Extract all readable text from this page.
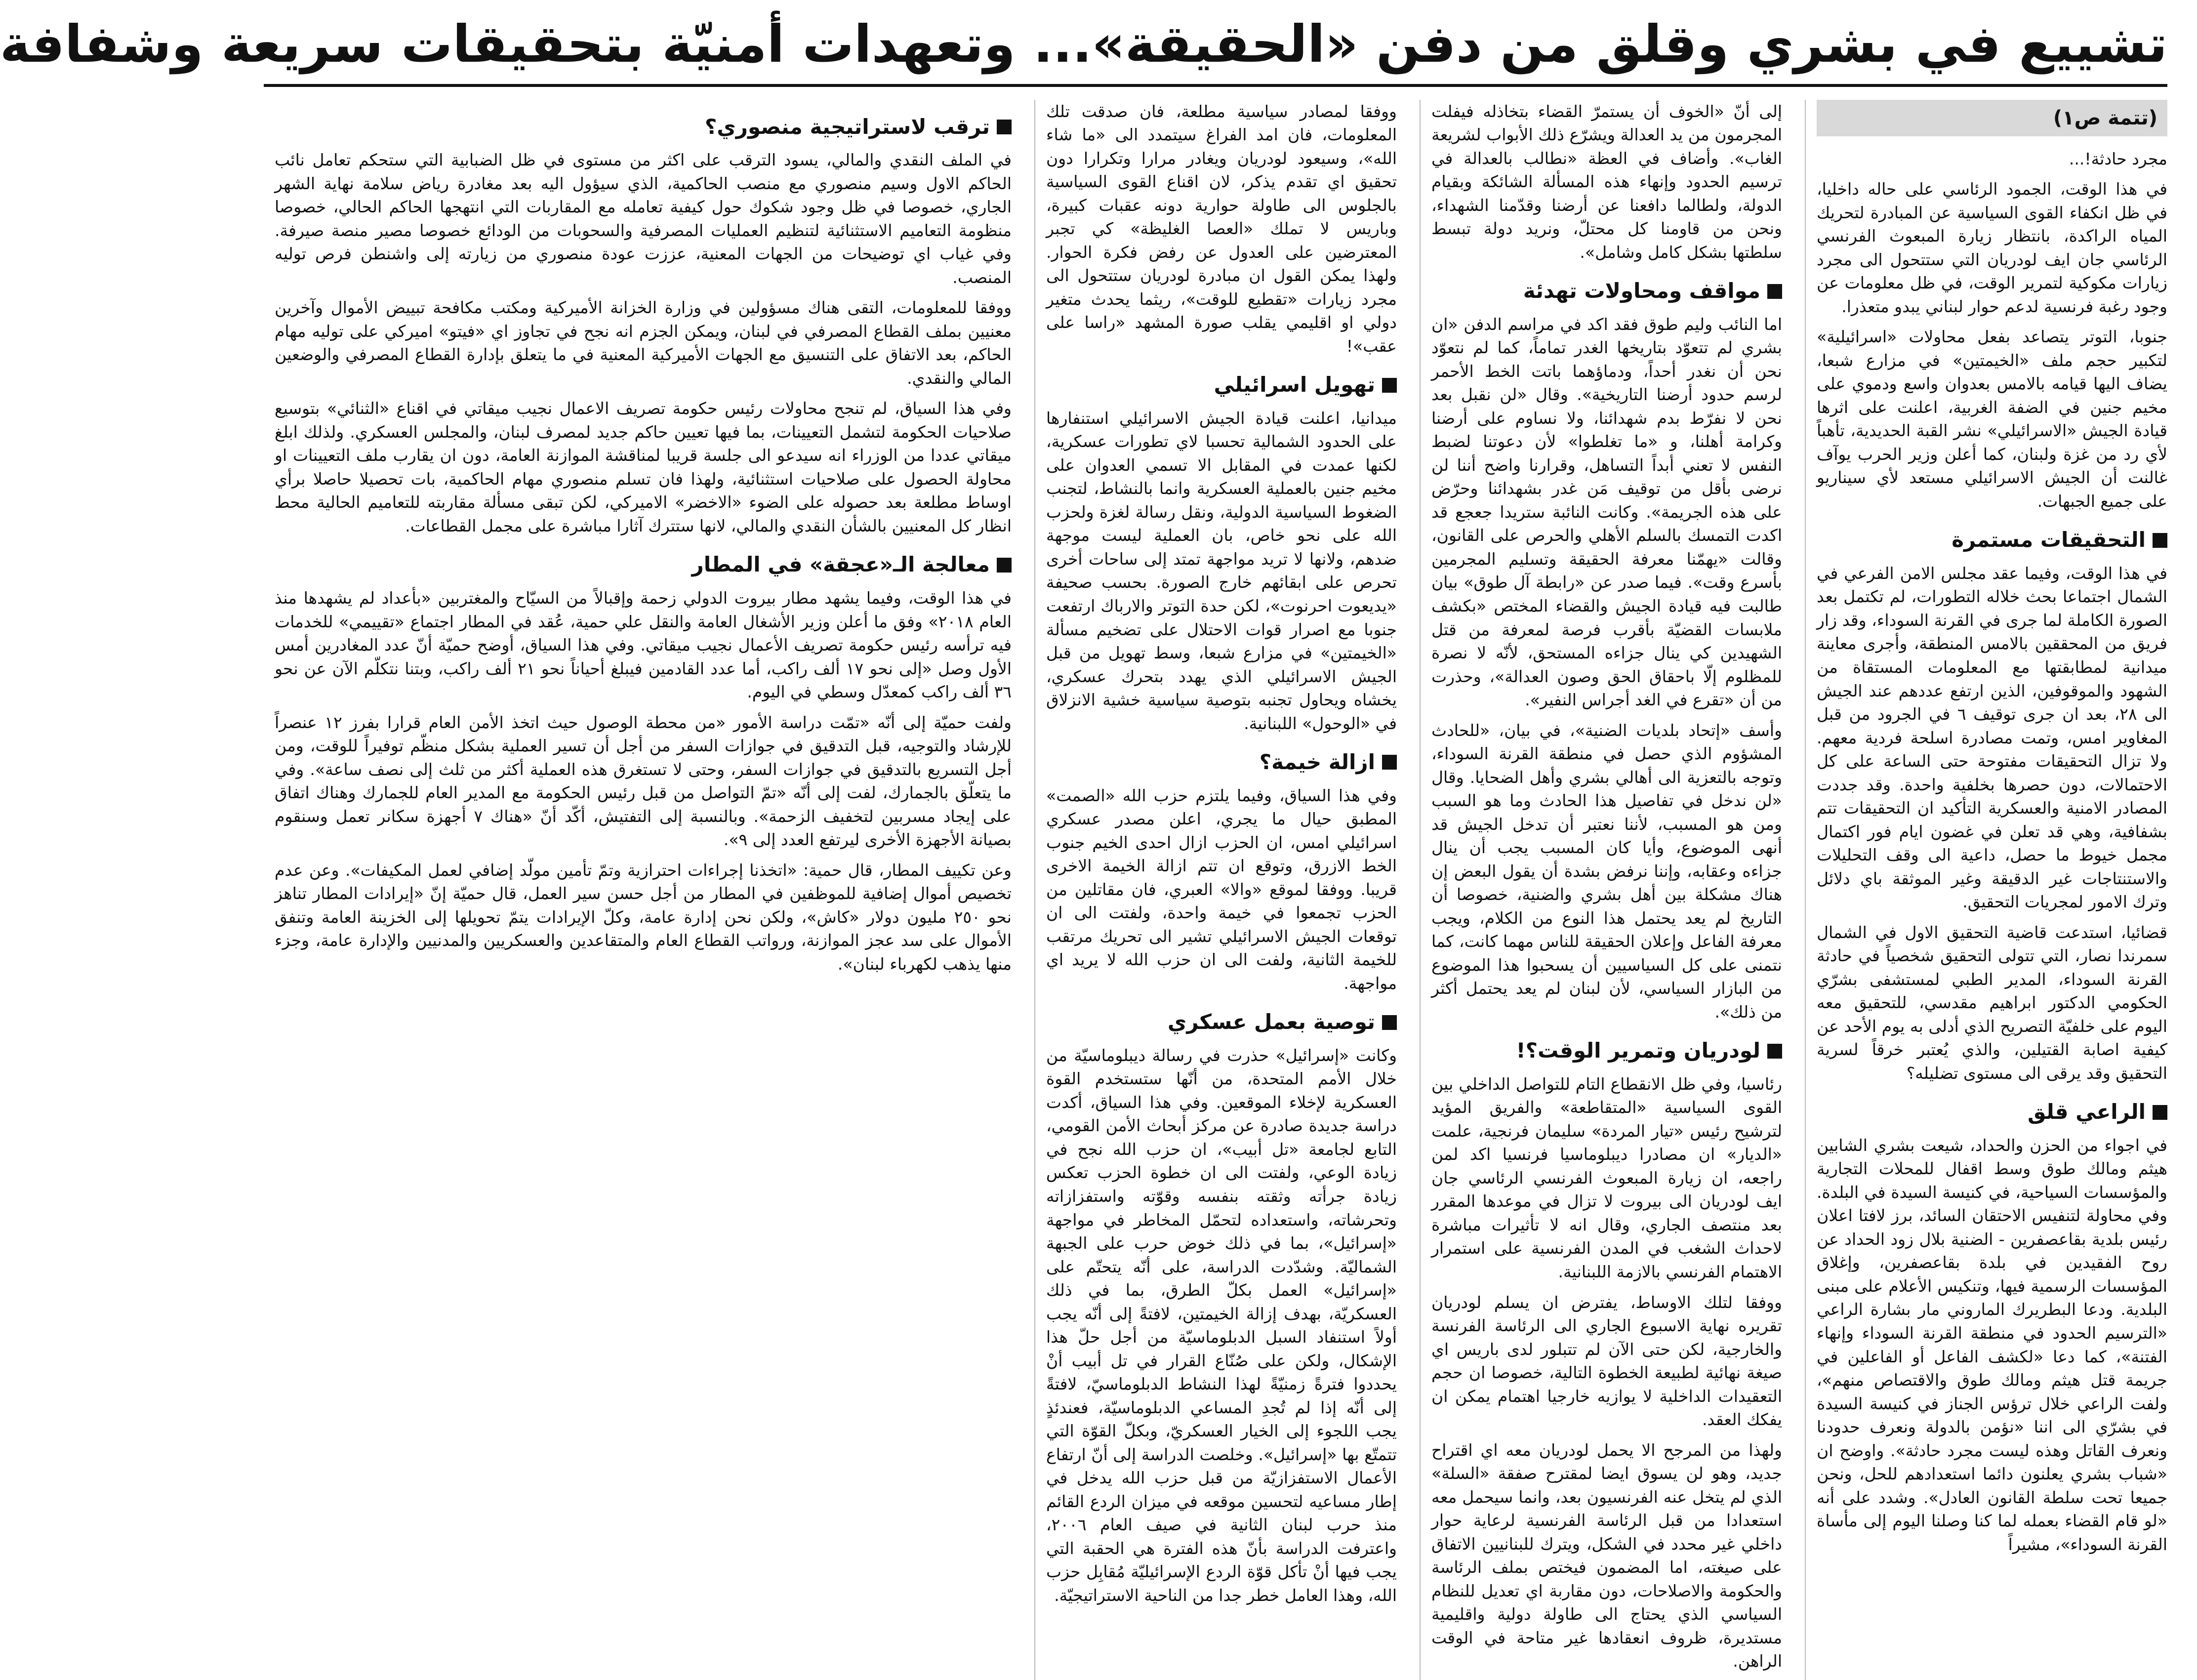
تشييع في بشري وقلق من دفن «الحقيقة»... وتعهدات أمنيّة بتحقيقات سريعة وشفافة
(تتمة ص١)

مجرد حادثة!...

في هذا الوقت، الجمود الرئاسي على حاله داخليا، في ظل انكفاء القوى السياسية عن المبادرة لتحريك المياه الراكدة، بانتظار زيارة المبعوث الفرنسي الرئاسي جان ايف لودريان التي ستتحول الى مجرد زيارات مكوكية لتمرير الوقت، في ظل معلومات عن وجود رغبة فرنسية لدعم حوار لبناني يبدو متعذرا.

جنوبا، التوتر يتصاعد بفعل محاولات «اسرائيلية» لتكبير حجم ملف «الخيمتين» في مزارع شبعا، يضاف اليها قيامه بالامس بعدوان واسع ودموي على مخيم جنين في الضفة الغربية، اعلنت على اثرها قيادة الجيش «الاسرائيلي» نشر القبة الحديدية، تأهباً لأي رد من غزة ولبنان، كما أعلن وزير الحرب يوآف غالنت أن الجيش الاسرائيلي مستعد لأي سيناريو على جميع الجبهات.

التحقيقات مستمرة

في هذا الوقت، وفيما عقد مجلس الامن الفرعي في الشمال اجتماعا بحث خلاله التطورات، لم تكتمل بعد الصورة الكاملة لما جرى في القرنة السوداء، وقد زار فريق من المحققين بالامس المنطقة، وأجرى معاينة ميدانية لمطابقتها مع المعلومات المستقاة من الشهود والموقوفين، الذين ارتفع عددهم عند الجيش الى ٢٨، بعد ان جرى توقيف ٦ في الجرود من قبل المغاوير امس، وتمت مصادرة اسلحة فردية معهم. ولا تزال التحقيقات مفتوحة حتى الساعة على كل الاحتمالات، دون حصرها بخلفية واحدة. وقد جددت المصادر الامنية والعسكرية التأكيد ان التحقيقات تتم بشفافية، وهي قد تعلن في غضون ايام فور اكتمال مجمل خيوط ما حصل، داعية الى وقف التحليلات والاستنتاجات غير الدقيقة وغير الموثقة باي دلائل وترك الامور لمجريات التحقيق.

قضائيا، استدعت قاضية التحقيق الاول في الشمال سمرندا نصار، التي تتولى التحقيق شخصياً في حادثة القرنة السوداء، المدير الطبي لمستشفى بشرّي الحكومي الدكتور ابراهيم مقدسي، للتحقيق معه اليوم على خلفيّة التصريح الذي أدلى به يوم الأحد عن كيفية اصابة القتيلين، والذي يُعتبر خرقاً لسرية التحقيق وقد يرقى الى مستوى تضليله؟

الراعي قلق

في اجواء من الحزن والحداد، شيعت بشري الشابين هيثم ومالك طوق وسط اقفال للمحلات التجارية والمؤسسات السياحية، في كنيسة السيدة في البلدة. وفي محاولة لتنفيس الاحتقان السائد، برز لافتا اعلان رئيس بلدية بقاعصفرين - الضنية بلال زود الحداد عن روح الفقيدين في بلدة بقاعصفرين، وإغلاق المؤسسات الرسمية فيها، وتنكيس الأعلام على مبنى البلدية. ودعا البطريرك الماروني مار بشارة الراعي «الترسيم الحدود في منطقة القرنة السوداء وإنهاء الفتنة»، كما دعا «لكشف الفاعل أو الفاعلين في جريمة قتل هيثم ومالك طوق والاقتصاص منهم»، ولفت الراعي خلال ترؤس الجناز في كنيسة السيدة في بشرّي الى اننا «نؤمن بالدولة ونعرف حدودنا ونعرف القاتل وهذه ليست مجرد حادثة». واوضح ان «شباب بشري يعلنون دائما استعدادهم للحل، ونحن جميعا تحت سلطة القانون العادل». وشدد على أنه «لو قام القضاء بعمله لما كنا وصلنا اليوم إلى مأساة القرنة السوداء»، مشيراً

إلى أنّ «الخوف أن يستمرّ القضاء بتخاذله فيفلت المجرمون من يد العدالة ويشرّع ذلك الأبواب لشريعة الغاب». وأضاف في العظة «نطالب بالعدالة في ترسيم الحدود وإنهاء هذه المسألة الشائكة وبقيام الدولة، ولطالما دافعنا عن أرضنا وقدّمنا الشهداء، ونحن من قاومنا كل محتلّ، ونريد دولة تبسط سلطتها بشكل كامل وشامل».

مواقف ومحاولات تهدئة

اما النائب وليم طوق فقد اكد في مراسم الدفن «ان بشري لم تتعوّد بتاريخها الغدر تماماً، كما لم نتعوّد نحن أن نغدر أحداً، ودماؤهما باتت الخط الأحمر لرسم حدود أرضنا التاريخية». وقال «لن نقبل بعد نحن لا نفرّط بدم شهدائنا، ولا نساوم على أرضنا وكرامة أهلنا، و «ما تغلطوا» لأن دعوتنا لضبط النفس لا تعني أبداً التساهل، وقرارنا واضح أننا لن نرضى بأقل من توقيف مَن غدر بشهدائنا وحرّض على هذه الجريمة». وكانت النائبة ستريدا جعجع قد اكدت التمسك بالسلم الأهلي والحرص على القانون، وقالت «يهمّنا معرفة الحقيقة وتسليم المجرمين بأسرع وقت». فيما صدر عن «رابطة آل طوق» بيان طالبت فيه قيادة الجيش والقضاء المختص «بكشف ملابسات القضيّة بأقرب فرصة لمعرفة من قتل الشهيدين كي ينال جزاءه المستحق، لأنّه لا نصرة للمظلوم إلّا باحقاق الحق وصون العدالة»، وحذرت من أن «تقرع في الغد أجراس النفير».

وأسف «إتحاد بلديات الضنية»، في بيان، «للحادث المشؤوم الذي حصل في منطقة القرنة السوداء، وتوجه بالتعزية الى أهالي بشري وأهل الضحايا. وقال «لن ندخل في تفاصيل هذا الحادث وما هو السبب ومن هو المسبب، لأننا نعتبر أن تدخل الجيش قد أنهى الموضوع، وأيا كان المسبب يجب أن ينال جزاءه وعقابه، وإننا نرفض بشدة أن يقول البعض إن هناك مشكلة بين أهل بشري والضنية، خصوصا أن التاريخ لم يعد يحتمل هذا النوع من الكلام، ويجب معرفة الفاعل وإعلان الحقيقة للناس مهما كانت، كما نتمنى على كل السياسيين أن يسحبوا هذا الموضوع من البازار السياسي، لأن لبنان لم يعد يحتمل أكثر من ذلك».

لودريان وتمرير الوقت؟!

رئاسيا، وفي ظل الانقطاع التام للتواصل الداخلي بين القوى السياسية «المتقاطعة» والفريق المؤيد لترشيح رئيس «تيار المردة» سليمان فرنجية، علمت «الديار» ان مصادرا ديبلوماسيا فرنسيا اكد لمن راجعه، ان زيارة المبعوث الفرنسي الرئاسي جان ايف لودريان الى بيروت لا تزال في موعدها المقرر بعد منتصف الجاري، وقال انه لا تأثيرات مباشرة لاحداث الشغب في المدن الفرنسية على استمرار الاهتمام الفرنسي بالازمة اللبنانية.

ووفقا لتلك الاوساط، يفترض ان يسلم لودريان تقريره نهاية الاسبوع الجاري الى الرئاسة الفرنسة والخارجية، لكن حتى الآن لم تتبلور لدى باريس اي صيغة نهائية لطبيعة الخطوة التالية، خصوصا ان حجم التعقيدات الداخلية لا يوازيه خارجيا اهتمام يمكن ان يفكك العقد.

ولهذا من المرجح الا يحمل لودريان معه اي اقتراح جديد، وهو لن يسوق ايضا لمقترح صفقة «السلة» الذي لم يتخل عنه الفرنسيون بعد، وانما سيحمل معه استعدادا من قبل الرئاسة الفرنسية لرعاية حوار داخلي غير محدد في الشكل، ويترك للبنانيين الاتفاق على صيغته، اما المضمون فيختص بملف الرئاسة والحكومة والاصلاحات، دون مقاربة اي تعديل للنظام السياسي الذي يحتاج الى طاولة دولية واقليمية مستديرة، ظروف انعقادها غير متاحة في الوقت الراهن.

ووفقا لمصادر سياسية مطلعة، فان صدقت تلك المعلومات، فان امد الفراغ سيتمدد الى «ما شاء الله»، وسيعود لودريان ويغادر مرارا وتكرارا دون تحقيق اي تقدم يذكر، لان اقناع القوى السياسية بالجلوس الى طاولة حوارية دونه عقبات كبيرة، وباريس لا تملك «العصا الغليظة» كي تجبر المعترضين على العدول عن رفض فكرة الحوار. ولهذا يمكن القول ان مبادرة لودريان ستتحول الى مجرد زيارات «تقطيع للوقت»، ريثما يحدث متغير دولي او اقليمي يقلب صورة المشهد «راسا على عقب»!

تهويل اسرائيلي

ميدانيا، اعلنت قيادة الجيش الاسرائيلي استنفارها على الحدود الشمالية تحسبا لاي تطورات عسكرية، لكنها عمدت في المقابل الا تسمي العدوان على مخيم جنين بالعملية العسكرية وانما بالنشاط، لتجنب الضغوط السياسية الدولية، ونقل رسالة لغزة ولحزب الله على نحو خاص، بان العملية ليست موجهة ضدهم، ولانها لا تريد مواجهة تمتد إلى ساحات أخرى تحرص على ابقائهم خارج الصورة. بحسب صحيفة «يديعوت احرنوت»، لكن حدة التوتر والارباك ارتفعت جنوبا مع اصرار قوات الاحتلال على تضخيم مسألة «الخيمتين» في مزارع شبعا، وسط تهويل من قبل الجيش الاسرائيلي الذي يهدد بتحرك عسكري، يخشاه ويحاول تجنبه بتوصية سياسية خشية الانزلاق في «الوحول» اللبنانية.

ازالة خيمة؟

وفي هذا السياق، وفيما يلتزم حزب الله «الصمت» المطبق حيال ما يجري، اعلن مصدر عسكري اسرائيلي امس، ان الحزب ازال احدى الخيم جنوب الخط الازرق، وتوقع ان تتم ازالة الخيمة الاخرى قريبا. ووفقا لموقع «والا» العبري، فان مقاتلين من الحزب تجمعوا في خيمة واحدة، ولفتت الى ان توقعات الجيش الاسرائيلي تشير الى تحريك مرتقب للخيمة الثانية، ولفت الى ان حزب الله لا يريد اي مواجهة.

توصية بعمل عسكري

وكانت «إسرائيل» حذرت في رسالة ديبلوماسيّة من خلال الأمم المتحدة، من أنّها ستستخدم القوة العسكرية لإخلاء الموقعين. وفي هذا السياق، أكدت دراسة جديدة صادرة عن مركز أبحاث الأمن القومي، التابع لجامعة «تل أبيب»، ان حزب الله نجح في زيادة الوعي، ولفتت الى ان خطوة الحزب تعكس زيادة جرأته وثقته بنفسه وقوّته واستفزازاته وتحرشاته، واستعداده لتحمّل المخاطر في مواجهة «إسرائيل»، بما في ذلك خوض حرب على الجبهة الشماليّة. وشدّدت الدراسة، على أنّه يتحتّم على «إسرائيل» العمل بكلّ الطرق، بما في ذلك العسكريّة، بهدف إزالة الخيمتين، لافتةً إلى أنّه يجب أولاً استنفاد السبل الدبلوماسيّة من أجل حلّ هذا الإشكال، ولكن على صُنّاع القرار في تل أبيب أنْ يحددوا فترةً زمنيّةً لهذا النشاط الدبلوماسيّ، لافتةً إلى أنّه إذا لم تُجدِ المساعي الدبلوماسيّة، فعندئذٍ يجب اللجوء إلى الخيار العسكريّ، وبكلّ القوّة التي تتمتّع بها «إسرائيل». وخلصت الدراسة إلى أنّ ارتفاع الأعمال الاستفزازيّة من قبل حزب الله يدخل في إطار مساعيه لتحسين موقعه في ميزان الردع القائم منذ حرب لبنان الثانية في صيف العام ٢٠٠٦، واعترفت الدراسة بأنّ هذه الفترة هي الحقبة التي يجب فيها أنْ تأكل قوّة الردع الإسرائيليّة مُقابِل حزب الله، وهذا العامل خطر جدا من الناحية الاستراتيجيّة.

ترقب لاستراتيجية منصوري؟

في الملف النقدي والمالي، يسود الترقب على اكثر من مستوى في ظل الضبابية التي ستحكم تعامل نائب الحاكم الاول وسيم منصوري مع منصب الحاكمية، الذي سيؤول اليه بعد مغادرة رياض سلامة نهاية الشهر الجاري، خصوصا في ظل وجود شكوك حول كيفية تعامله مع المقاربات التي انتهجها الحاكم الحالي، خصوصا منظومة التعاميم الاستثنائية لتنظيم العمليات المصرفية والسحوبات من الودائع خصوصا مصير منصة صيرفة. وفي غياب اي توضيحات من الجهات المعنية، عززت عودة منصوري من زيارته إلى واشنطن فرص توليه المنصب.

ووفقا للمعلومات، التقى هناك مسؤولين في وزارة الخزانة الأميركية ومكتب مكافحة تبييض الأموال وآخرين معنيين بملف القطاع المصرفي في لبنان، ويمكن الجزم انه نجح في تجاوز اي «فيتو» اميركي على توليه مهام الحاكم، بعد الاتفاق على التنسيق مع الجهات الأميركية المعنية في ما يتعلق بإدارة القطاع المصرفي والوضعين المالي والنقدي.

وفي هذا السياق، لم تنجح محاولات رئيس حكومة تصريف الاعمال نجيب ميقاتي في اقناع «الثنائي» بتوسيع صلاحيات الحكومة لتشمل التعيينات، بما فيها تعيين حاكم جديد لمصرف لبنان، والمجلس العسكري. ولذلك ابلغ ميقاتي عددا من الوزراء انه سيدعو الى جلسة قريبا لمناقشة الموازنة العامة، دون ان يقارب ملف التعيينات او محاولة الحصول على صلاحيات استثنائية، ولهذا فان تسلم منصوري مهام الحاكمية، بات تحصيلا حاصلا برأي اوساط مطلعة بعد حصوله على الضوء «الاخضر» الاميركي، لكن تبقى مسألة مقاربته للتعاميم الحالية محط انظار كل المعنيين بالشأن النقدي والمالي، لانها ستترك آثارا مباشرة على مجمل القطاعات.

معالجة الـ«عجقة» في المطار

في هذا الوقت، وفيما يشهد مطار بيروت الدولي زحمة وإقبالاً من السيّاح والمغتربين «بأعداد لم يشهدها منذ العام ٢٠١٨» وفق ما أعلن وزير الأشغال العامة والنقل علي حمية، عُقد في المطار اجتماع «تقييمي» للخدمات فيه ترأسه رئيس حكومة تصريف الأعمال نجيب ميقاتي. وفي هذا السياق، أوضح حميّة أنّ عدد المغادرين أمس الأول وصل «إلى نحو ١٧ ألف راكب، أما عدد القادمين فيبلغ أحياناً نحو ٢١ ألف راكب، وبتنا نتكلّم الآن عن نحو ٣٦ ألف راكب كمعدّل وسطي في اليوم.

ولفت حميّة إلى أنّه «تمّت دراسة الأمور «من محطة الوصول حيث اتخذ الأمن العام قرارا بفرز ١٢ عنصراً للإرشاد والتوجيه، قبل التدقيق في جوازات السفر من أجل أن تسير العملية بشكل منظّم توفيراً للوقت، ومن أجل التسريع بالتدقيق في جوازات السفر، وحتى لا تستغرق هذه العملية أكثر من ثلث إلى نصف ساعة». وفي ما يتعلّق بالجمارك، لفت إلى أنّه «تمّ التواصل من قبل رئيس الحكومة مع المدير العام للجمارك وهناك اتفاق على إيجاد مسربين لتخفيف الزحمة». وبالنسبة إلى التفتيش، أكّد أنّ «هناك ٧ أجهزة سكانر تعمل وسنقوم بصيانة الأجهزة الأخرى ليرتفع العدد إلى ٩».

وعن تكييف المطار، قال حمية: «اتخذنا إجراءات احترازية وتمّ تأمين مولّد إضافي لعمل المكيفات». وعن عدم تخصيص أموال إضافية للموظفين في المطار من أجل حسن سير العمل، قال حميّة إنّ «إيرادات المطار تناهز نحو ٢٥٠ مليون دولار «كاش»، ولكن نحن إدارة عامة، وكلّ الإيرادات يتمّ تحويلها إلى الخزينة العامة وتنفق الأموال على سد عجز الموازنة، ورواتب القطاع العام والمتقاعدين والعسكريين والمدنيين والإدارة عامة، وجزء منها يذهب لكهرباء لبنان».
